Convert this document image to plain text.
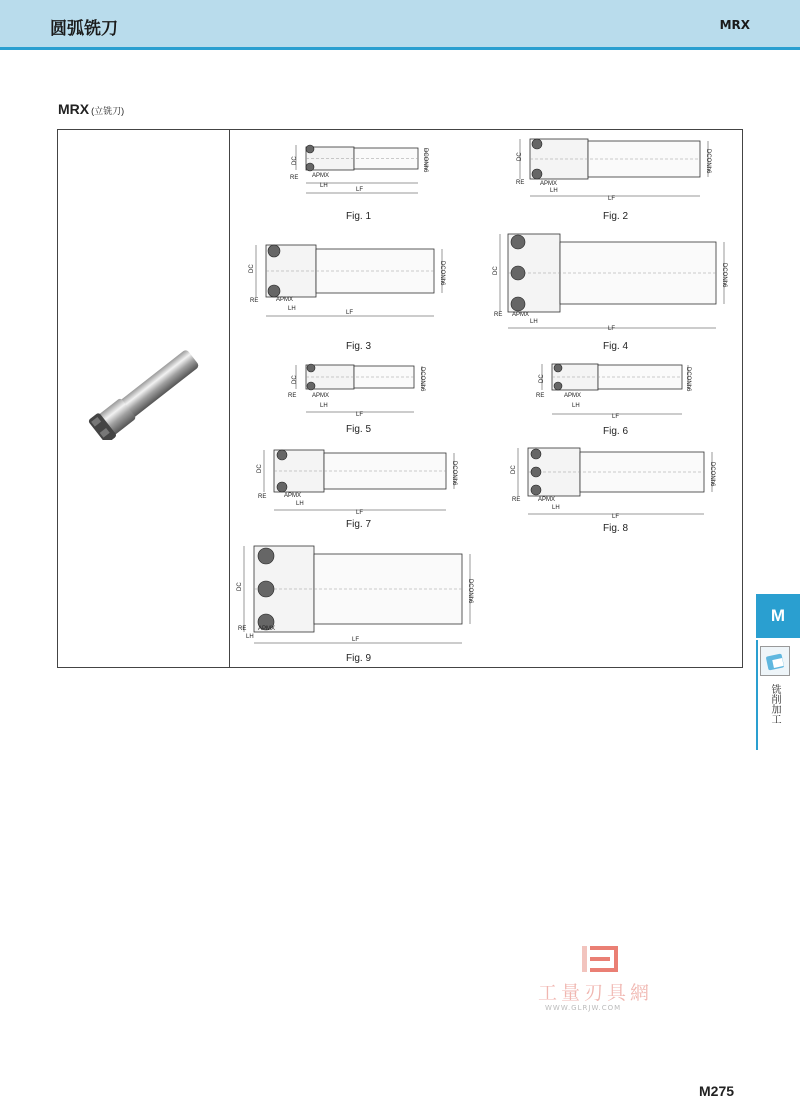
圆弧铣刀	MRX
MRX (立铣刀)
DC	DCONh6
RE APMX
LH
LF
Fig. 1
DC	DCONh6
RE	APMX
LH
LF
Fig. 2
DC	DCONh6
RE	APMX
LH
LF
Fig. 3
DC	DCONh6
RE APMX
LH
LF
Fig. 4
DC	DCONh6
RE	APMX
LH
LF
Fig. 5
DC	DCONh6
RE	APMX
LH
LF
Fig. 6
DC	DCONh6
RE	APMX
LH
LF
Fig. 7
DC	DCONh6
RE	APMX
LH
LF
Fig. 8
DC	DCONh6
RE APMX
LH	LF
Fig. 9
M
铣削加工
工量刃具網
WWW.GLRJW.COM
M275
